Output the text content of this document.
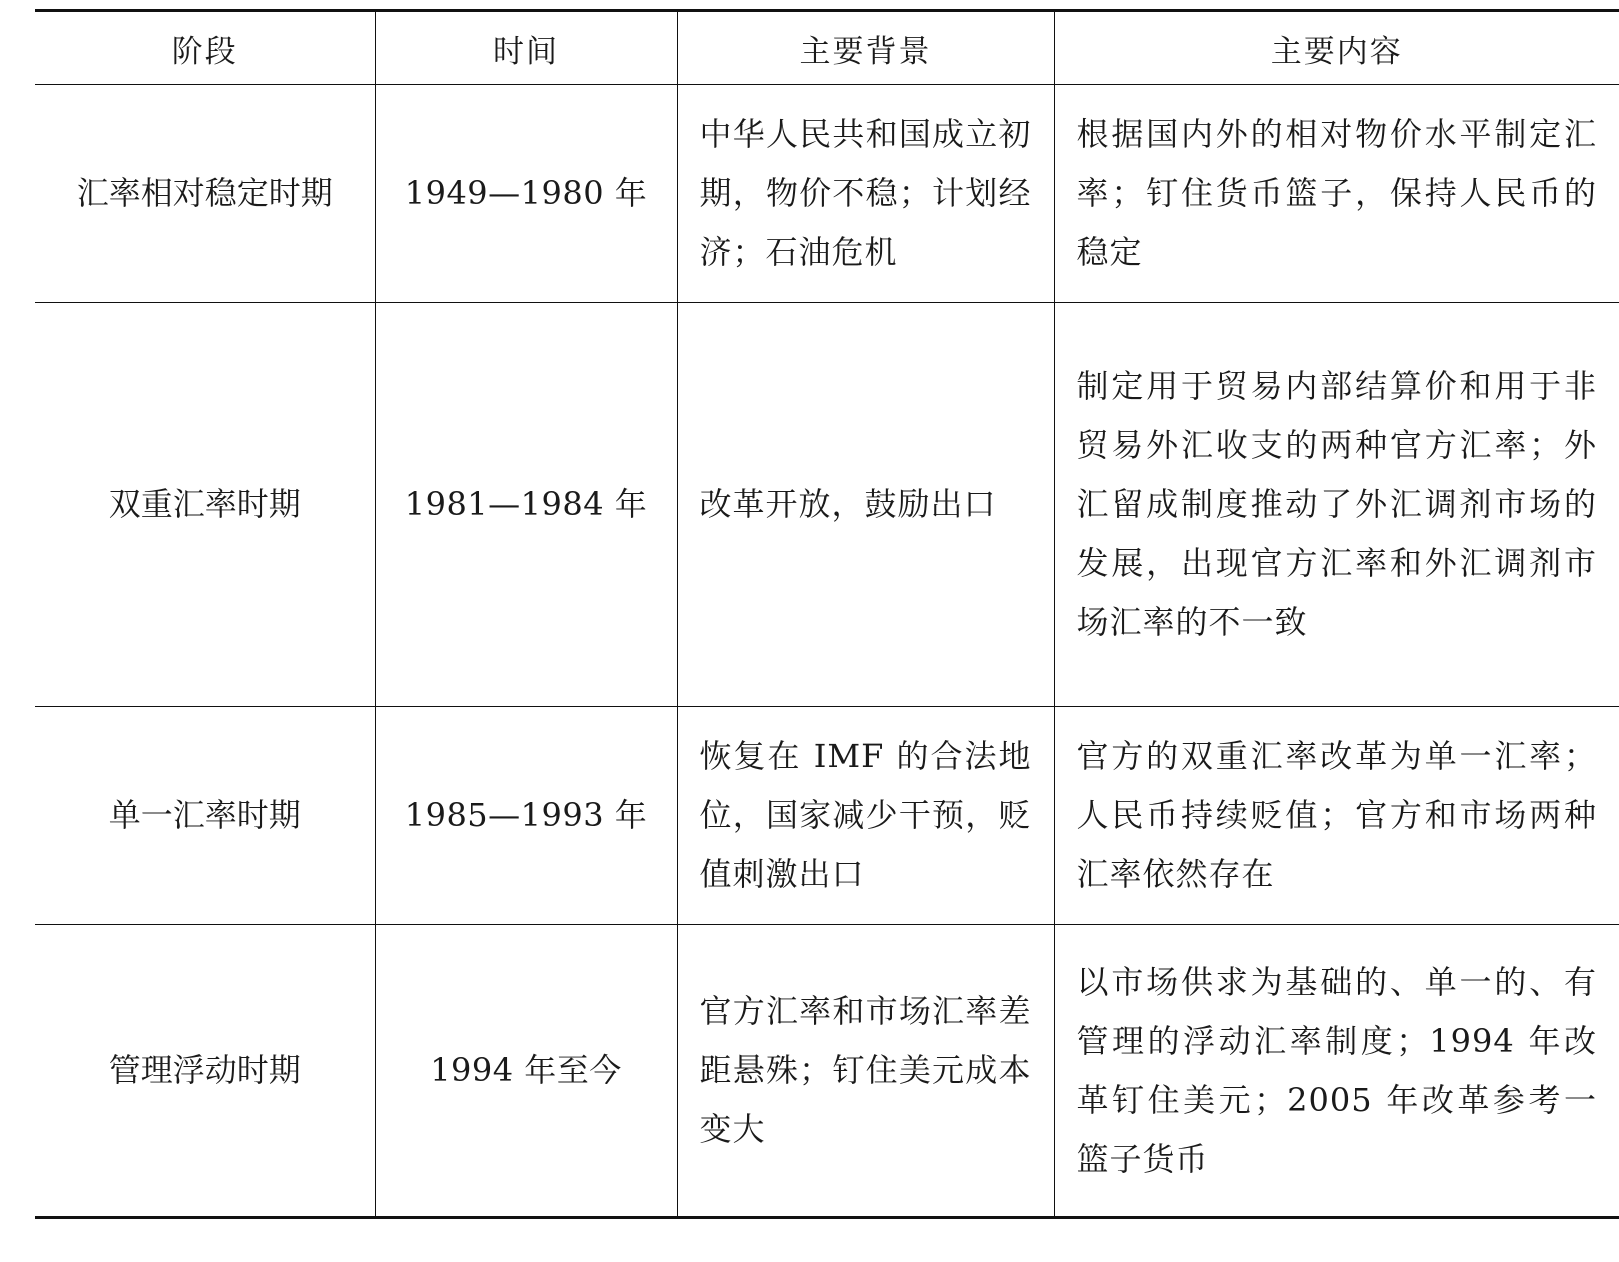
阶段	时间	主要背景	主要内容
汇率相对稳定时期	1949—1980 年	中华人民共和国成立初期，物价不稳；计划经济；石油危机	根据国内外的相对物价水平制定汇率；钉住货币篮子，保持人民币的稳定
双重汇率时期	1981—1984 年	改革开放，鼓励出口	制定用于贸易内部结算价和用于非贸易外汇收支的两种官方汇率；外汇留成制度推动了外汇调剂市场的发展，出现官方汇率和外汇调剂市场汇率的不一致
单一汇率时期	1985—1993 年	恢复在 IMF 的合法地位，国家减少干预，贬值刺激出口	官方的双重汇率改革为单一汇率；人民币持续贬值；官方和市场两种汇率依然存在
管理浮动时期	1994 年至今	官方汇率和市场汇率差距悬殊；钉住美元成本变大	以市场供求为基础的、单一的、有管理的浮动汇率制度；1994 年改革钉住美元；2005 年改革参考一篮子货币
